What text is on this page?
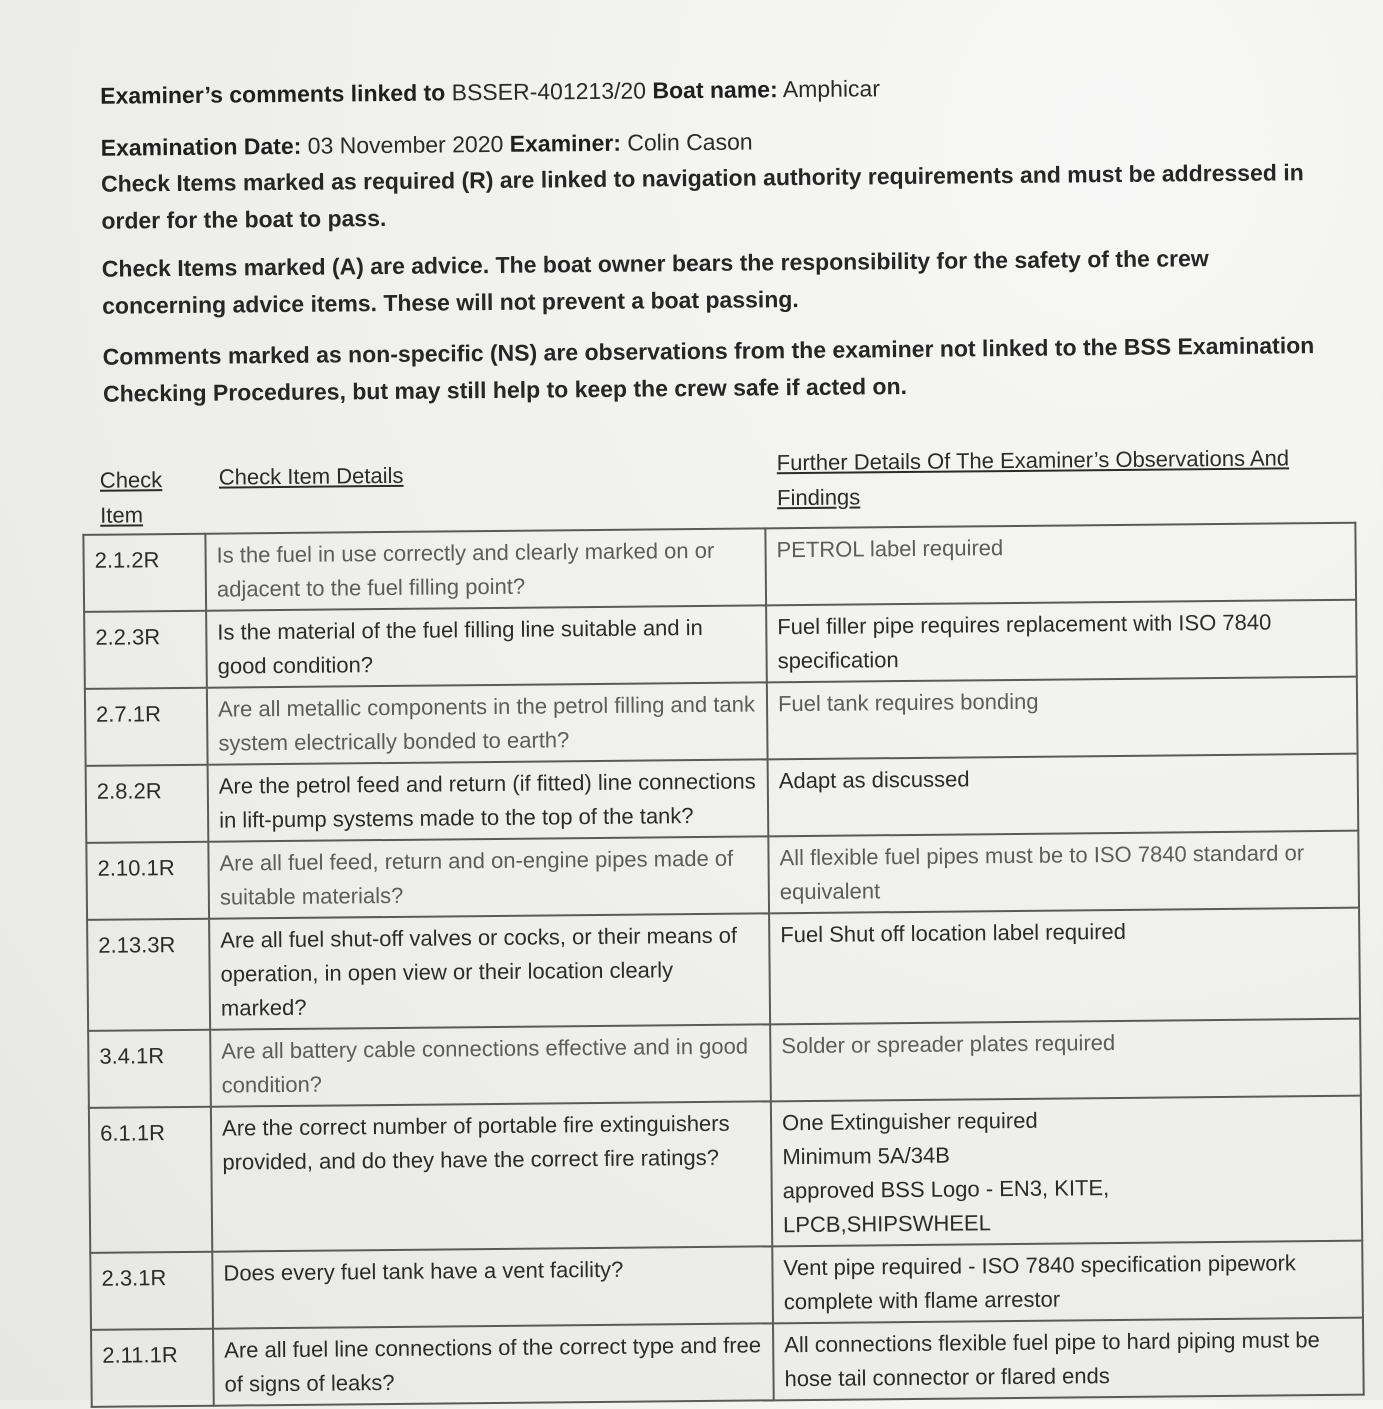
Examiner’s comments linked to BSSER-401213/20 Boat name: Amphicar
Examination Date: 03 November 2020 Examiner: Colin Cason
Check Items marked as required (R) are linked to navigation authority requirements and must be addressed in order for the boat to pass.
Check Items marked (A) are advice. The boat owner bears the responsibility for the safety of the crew concerning advice items. These will not prevent a boat passing.
Comments marked as non-specific (NS) are observations from the examiner not linked to the BSS Examination Checking Procedures, but may still help to keep the crew safe if acted on.
Check Item
Check Item Details
Further Details Of The Examiner’s Observations And Findings
2.1.2R	Is the fuel in use correctly and clearly marked on or adjacent to the fuel filling point?	PETROL label required

2.2.3R	Is the material of the fuel filling line suitable and in good condition?	Fuel filler pipe requires replacement with ISO 7840 specification

2.7.1R	Are all metallic components in the petrol filling and tank system electrically bonded to earth?	Fuel tank requires bonding

2.8.2R	Are the petrol feed and return (if fitted) line connections in lift-pump systems made to the top of the tank?	Adapt as discussed

2.10.1R	Are all fuel feed, return and on-engine pipes made of suitable materials?	All flexible fuel pipes must be to ISO 7840 standard or equivalent

2.13.3R	Are all fuel shut-off valves or cocks, or their means of operation, in open view or their location clearly marked?	Fuel Shut off location label required

3.4.1R	Are all battery cable connections effective and in good condition?	Solder or spreader plates required

6.1.1R	Are the correct number of portable fire extinguishers provided, and do they have the correct fire ratings?	One Extinguisher required
Minimum 5A/34B
approved BSS Logo - EN3, KITE,
LPCB,SHIPSWHEEL

2.3.1R	Does every fuel tank have a vent facility?	Vent pipe required - ISO 7840 specification pipework complete with flame arrestor

2.11.1R	Are all fuel line connections of the correct type and free of signs of leaks?	All connections flexible fuel pipe to hard piping must be hose tail connector or flared ends
